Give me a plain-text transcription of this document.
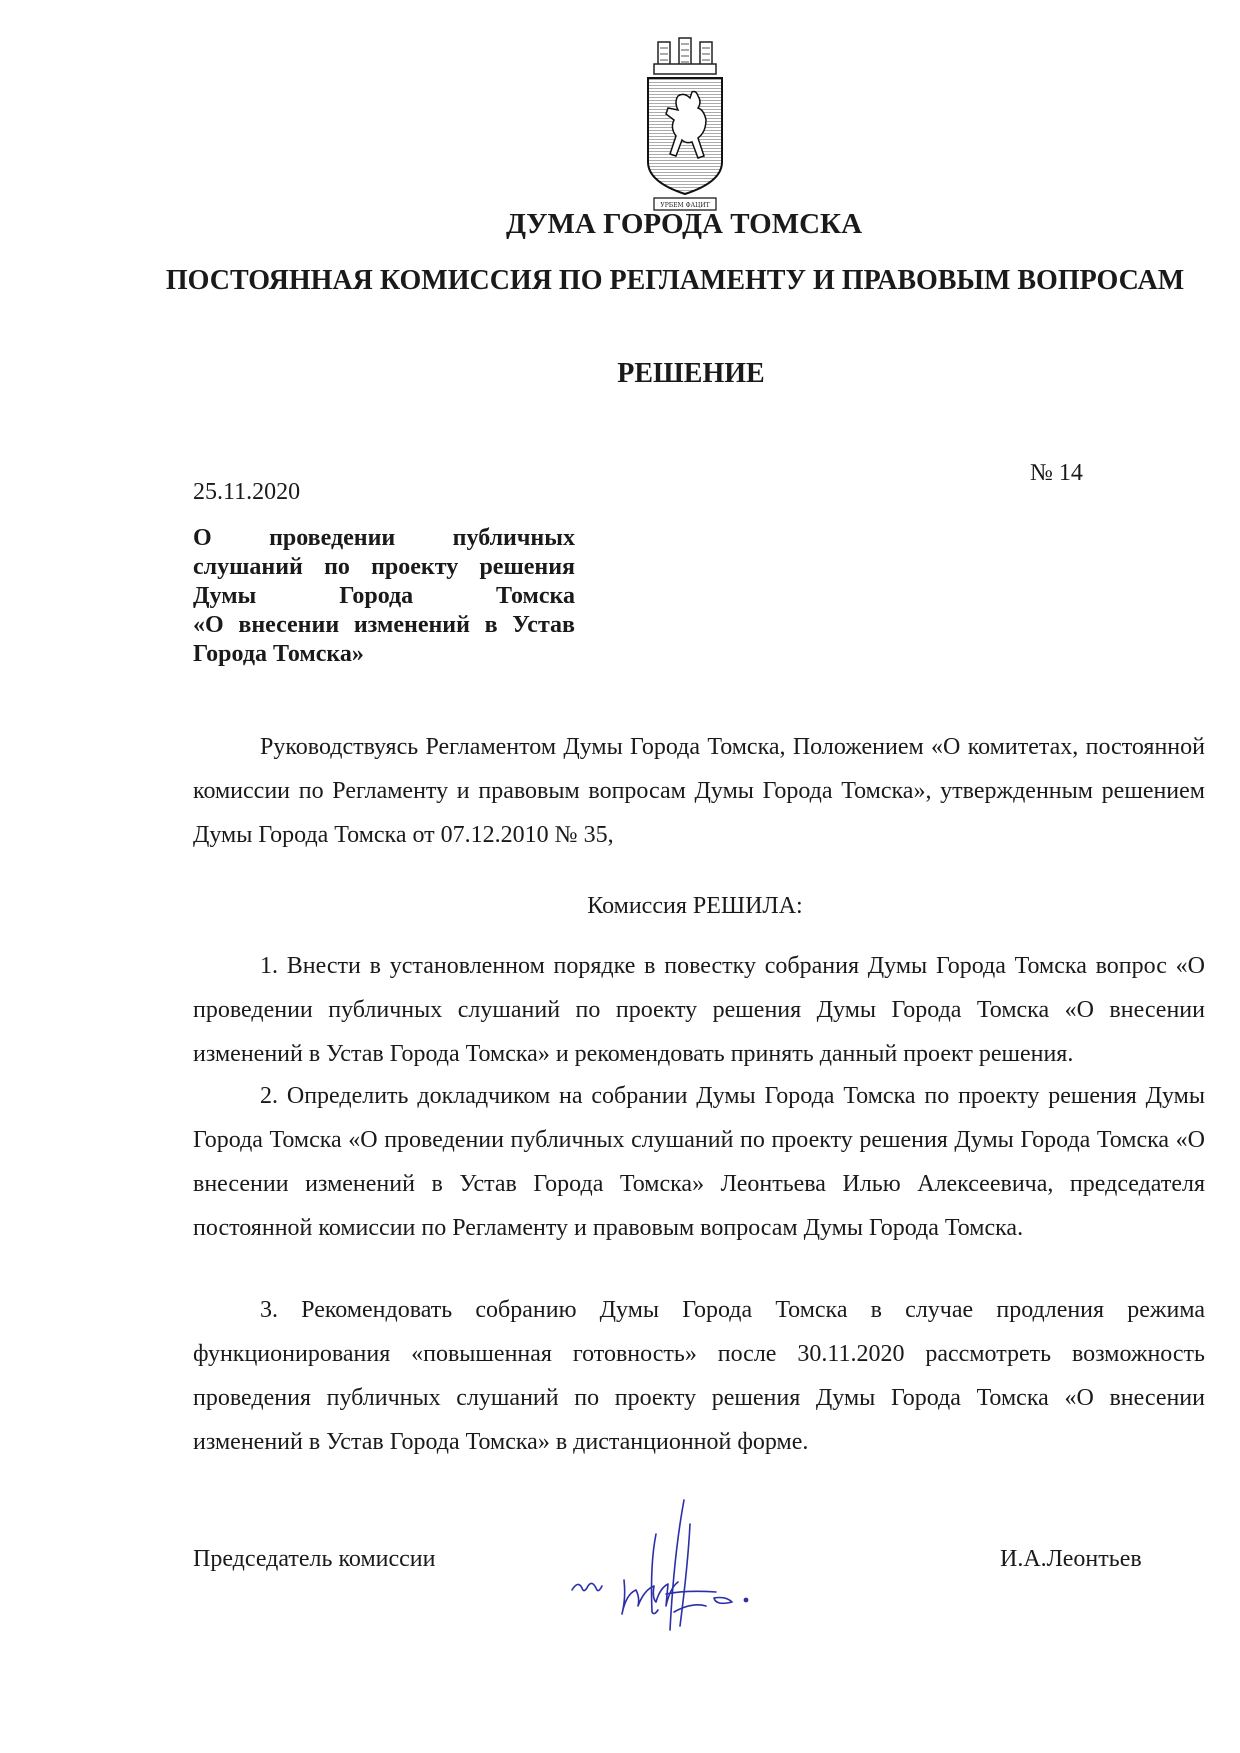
УРБЕМ ФАЦИТ
ДУМА ГОРОДА ТОМСКА
ПОСТОЯННАЯ КОМИССИЯ ПО РЕГЛАМЕНТУ И ПРАВОВЫМ ВОПРОСАМ
РЕШЕНИЕ
25.11.2020
№ 14
О проведении публичных
слушаний по проекту решения
Думы Города Томска
«О внесении изменений в Устав
Города Томска»
Руководствуясь Регламентом Думы Города Томска, Положением «О комитетах, постоянной комиссии по Регламенту и правовым вопросам Думы Города Томска», утвержденным решением Думы Города Томска от 07.12.2010 № 35,
Комиссия РЕШИЛА:
1. Внести в установленном порядке в повестку собрания Думы Города Томска вопрос «О проведении публичных слушаний по проекту решения Думы Города Томска «О внесении изменений в Устав Города Томска» и рекомендовать принять данный проект решения.
2. Определить докладчиком на собрании Думы Города Томска по проекту решения Думы Города Томска «О проведении публичных слушаний по проекту решения Думы Города Томска «О внесении изменений в Устав Города Томска» Леонтьева Илью Алексеевича, председателя постоянной комиссии по Регламенту и правовым вопросам Думы Города Томска.
3. Рекомендовать собранию Думы Города Томска в случае продления режима функционирования «повышенная готовность» после 30.11.2020 рассмотреть возможность проведения публичных слушаний по проекту решения Думы Города Томска «О внесении изменений в Устав Города Томска» в дистанционной форме.
Председатель комиссии	И.А.Леонтьев
